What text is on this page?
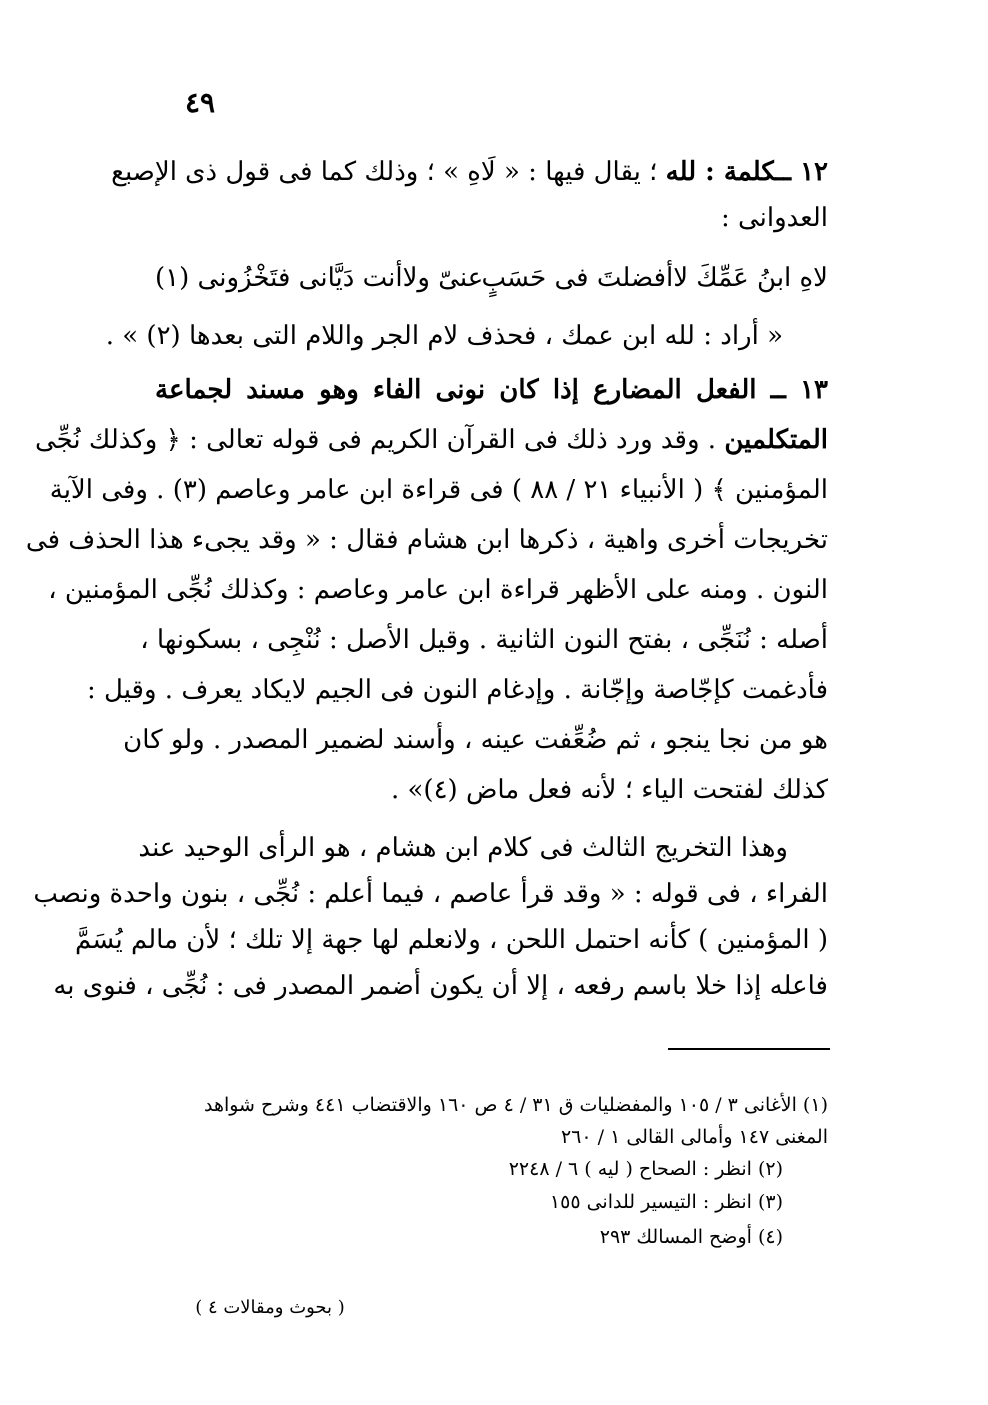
٤٩
١٢ ــكلمة : لله ؛ يقال فيها : « لَاهِ » ؛ وذلك كما فى قول ذى الإصبع
العدوانى :
لاهِ ابنُ عَمِّكَ لاأفضلتَ فى حَسَبٍ
عنىّ ولاأنت دَيَّانى فتَخْزُونى (١)
« أراد : لله ابن عمك ، فحذف لام الجر واللام التى بعدها (٢) » .
١٣ ــ الفعل المضارع إذا كان نونى الفاء وهو مسند لجماعة
المتكلمين . وقد ورد ذلك فى القرآن الكريم فى قوله تعالى : ﴿ وكذلك نُجِّى
المؤمنين ﴾ ( الأنبياء ٢١ / ٨٨ ) فى قراءة ابن عامر وعاصم (٣) . وفى الآية
تخريجات أخرى واهية ، ذكرها ابن هشام فقال : « وقد يجىء هذا الحذف فى
النون . ومنه على الأظهر قراءة ابن عامر وعاصم : وكذلك نُجِّى المؤمنين ،
أصله : نُنَجِّى ، بفتح النون الثانية . وقيل الأصل : نُنْجِى ، بسكونها ،
فأدغمت كإجّاصة وإجّانة . وإدغام النون فى الجيم لايكاد يعرف . وقيل :
هو من نجا ينجو ، ثم ضُعِّفت عينه ، وأسند لضمير المصدر . ولو كان
كذلك لفتحت الياء ؛ لأنه فعل ماض (٤)» .
وهذا التخريج الثالث فى كلام ابن هشام ، هو الرأى الوحيد عند
الفراء ، فى قوله : « وقد قرأ عاصم ، فيما أعلم : نُجِّى ، بنون واحدة ونصب
( المؤمنين ) كأنه احتمل اللحن ، ولانعلم لها جهة إلا تلك ؛ لأن مالم يُسَمَّ
فاعله إذا خلا باسم رفعه ، إلا أن يكون أضمر المصدر فى : نُجِّى ، فنوى به
(١) الأغانى ٣ / ١٠٥ والمفضليات ق ٣١ / ٤ ص ١٦٠ والاقتضاب ٤٤١ وشرح شواهد
المغنى ١٤٧ وأمالى القالى ١ / ٢٦٠
(٢) انظر : الصحاح ( ليه ) ٦ / ٢٢٤٨
(٣) انظر : التيسير للدانى ١٥٥
(٤) أوضح المسالك ٢٩٣
( بحوث ومقالات ٤ )
